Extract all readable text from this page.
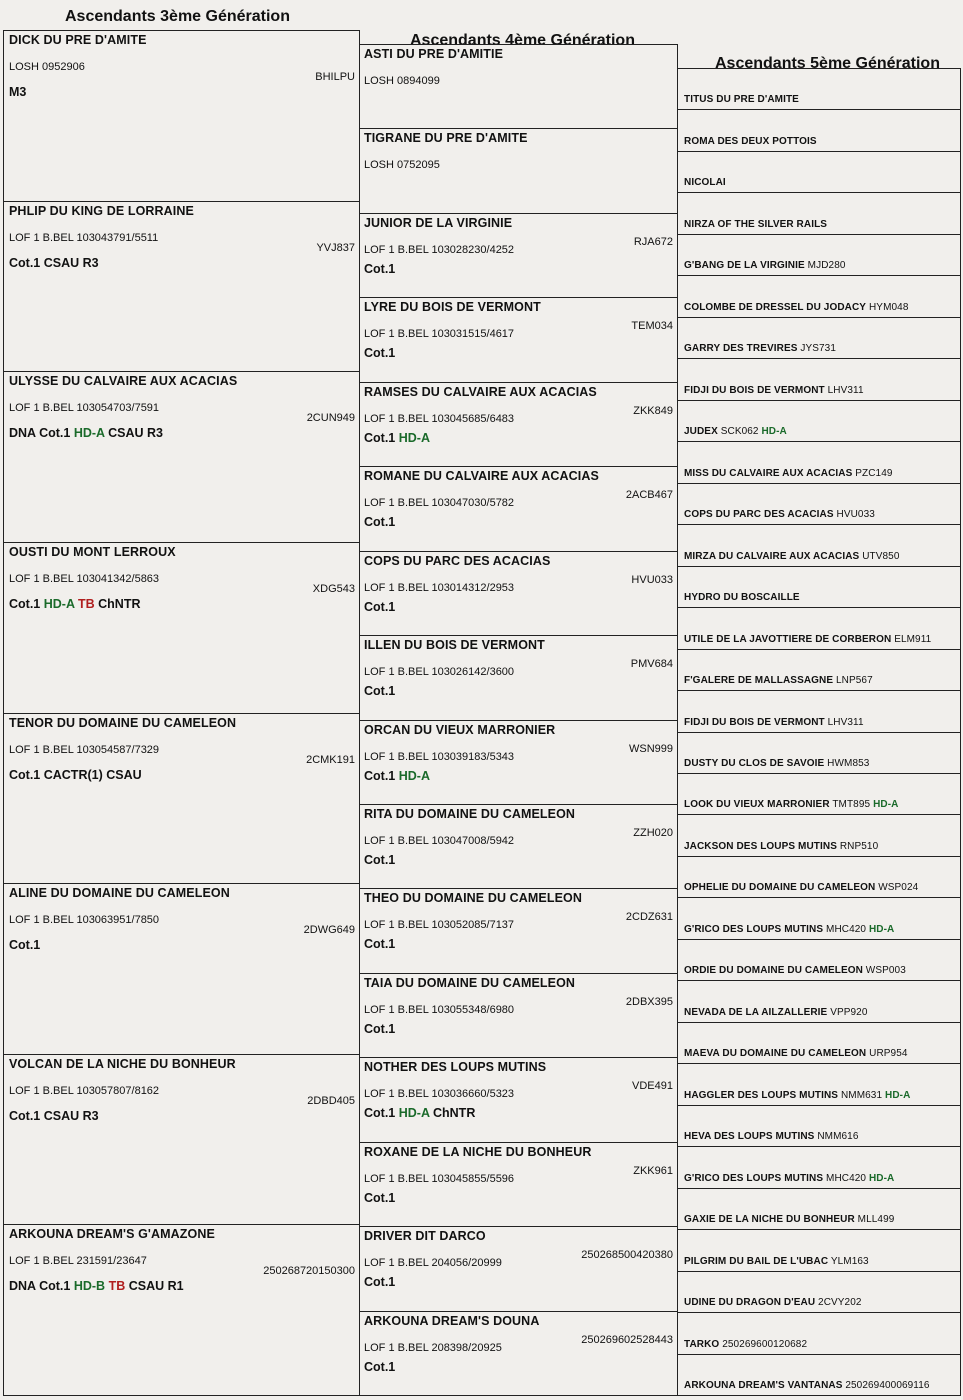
Ascendants 3ème Génération
Ascendants 4ème Génération
Ascendants 5ème Génération
DICK DU PRE D'AMITE
LOSH 0952906
BHILPU
M3
PHLIP DU KING DE LORRAINE
LOF 1 B.BEL 103043791/5511
YVJ837
Cot.1 CSAU R3
ULYSSE DU CALVAIRE AUX ACACIAS
LOF 1 B.BEL 103054703/7591
2CUN949
DNA Cot.1 HD-A CSAU R3
OUSTI DU MONT LERROUX
LOF 1 B.BEL 103041342/5863
XDG543
Cot.1 HD-A TB ChNTR
TENOR DU DOMAINE DU CAMELEON
LOF 1 B.BEL 103054587/7329
2CMK191
Cot.1 CACTR(1) CSAU
ALINE DU DOMAINE DU CAMELEON
LOF 1 B.BEL 103063951/7850
2DWG649
Cot.1
VOLCAN DE LA NICHE DU BONHEUR
LOF 1 B.BEL 103057807/8162
2DBD405
Cot.1 CSAU R3
ARKOUNA DREAM'S G'AMAZONE
LOF 1 B.BEL 231591/23647
250268720150300
DNA Cot.1 HD-B TB CSAU R1
ASTI DU PRE D'AMITIE
LOSH 0894099
TIGRANE DU PRE D'AMITE
LOSH 0752095
JUNIOR DE LA VIRGINIE
LOF 1 B.BEL 103028230/4252
RJA672
Cot.1
LYRE DU BOIS DE VERMONT
LOF 1 B.BEL 103031515/4617
TEM034
Cot.1
RAMSES DU CALVAIRE AUX ACACIAS
LOF 1 B.BEL 103045685/6483
ZKK849
Cot.1 HD-A
ROMANE DU CALVAIRE AUX ACACIAS
LOF 1 B.BEL 103047030/5782
2ACB467
Cot.1
COPS DU PARC DES ACACIAS
LOF 1 B.BEL 103014312/2953
HVU033
Cot.1
ILLEN DU BOIS DE VERMONT
LOF 1 B.BEL 103026142/3600
PMV684
Cot.1
ORCAN DU VIEUX MARRONIER
LOF 1 B.BEL 103039183/5343
WSN999
Cot.1 HD-A
RITA DU DOMAINE DU CAMELEON
LOF 1 B.BEL 103047008/5942
ZZH020
Cot.1
THEO DU DOMAINE DU CAMELEON
LOF 1 B.BEL 103052085/7137
2CDZ631
Cot.1
TAIA DU DOMAINE DU CAMELEON
LOF 1 B.BEL 103055348/6980
2DBX395
Cot.1
NOTHER DES LOUPS MUTINS
LOF 1 B.BEL 103036660/5323
VDE491
Cot.1 HD-A ChNTR
ROXANE DE LA NICHE DU BONHEUR
LOF 1 B.BEL 103045855/5596
ZKK961
Cot.1
DRIVER DIT DARCO
LOF 1 B.BEL 204056/20999
250268500420380
Cot.1
ARKOUNA DREAM'S DOUNA
LOF 1 B.BEL 208398/20925
250269602528443
Cot.1
TITUS DU PRE D'AMITE
ROMA DES DEUX POTTOIS
NICOLAI
NIRZA OF THE SILVER RAILS
G'BANG DE LA VIRGINIE MJD280
COLOMBE DE DRESSEL DU JODACY HYM048
GARRY DES TREVIRES JYS731
FIDJI DU BOIS DE VERMONT LHV311
JUDEX SCK062 HD-A
MISS DU CALVAIRE AUX ACACIAS PZC149
COPS DU PARC DES ACACIAS HVU033
MIRZA DU CALVAIRE AUX ACACIAS UTV850
HYDRO DU BOSCAILLE
UTILE DE LA JAVOTTIERE DE CORBERON ELM911
F'GALERE DE MALLASSAGNE LNP567
FIDJI DU BOIS DE VERMONT LHV311
DUSTY DU CLOS DE SAVOIE HWM853
LOOK DU VIEUX MARRONIER TMT895 HD-A
JACKSON DES LOUPS MUTINS RNP510
OPHELIE DU DOMAINE DU CAMELEON WSP024
G'RICO DES LOUPS MUTINS MHC420 HD-A
ORDIE DU DOMAINE DU CAMELEON WSP003
NEVADA DE LA AILZALLERIE VPP920
MAEVA DU DOMAINE DU CAMELEON URP954
HAGGLER DES LOUPS MUTINS NMM631 HD-A
HEVA DES LOUPS MUTINS NMM616
G'RICO DES LOUPS MUTINS MHC420 HD-A
GAXIE DE LA NICHE DU BONHEUR MLL499
PILGRIM DU BAIL DE L'UBAC YLM163
UDINE DU DRAGON D'EAU 2CVY202
TARKO 250269600120682
ARKOUNA DREAM'S VANTANAS 250269400069116
